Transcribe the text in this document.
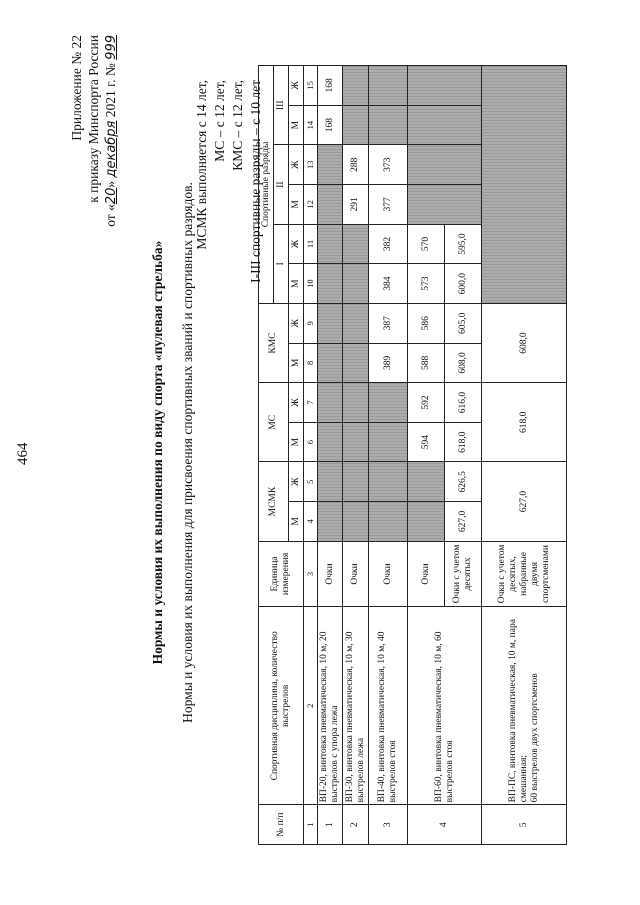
464
Приложение № 22 к приказу Минспорта России
от «20» декабря 2021 г. № 999
Нормы и условия их выполнения по виду спорта «пулевая стрельба» Нормы и условия их выполнения для присвоения спортивных званий и спортивных разрядов.
МСМК выполняется с 14 лет, МС – с 12 лет, КМС – с 12 лет, I-III спортивные разряды – с 10 лет
№ п/п	Спортивная дисциплина, количество выстрелов	Единица измерения	МСМК		МС		КМС		Спортивные разряды					
									I		II		III	
			М	Ж	М	Ж	М	Ж	М	Ж	М	Ж	М	Ж
1	2	3	4	5	6	7	8	9	10	11	12	13	14	15
1	ВП-20, винтовка пневматическая, 10 м, 20 выстрелов с упора лежа	Очки											168	168
2	ВП-30, винтовка пневматическая, 10 м, 30 выстрелов лежа	Очки									291	288		
3	ВП-40, винтовка пневматическая, 10 м, 40 выстрелов стоя	Очки					389	387	384	382	377	373		
4	ВП-60, винтовка пневматическая, 10 м, 60 выстрелов стоя	Очки			594	592	588	586	573	570				
		Очки с учетом десятых	627,0	626,5	618,0	616,0	608,0	605,0	600,0	595,0				
5	ВП-ПС, винтовка пневматическая, 10 м, пара смешанная; 60 выстрелов двух спортсменов	Очки с учетом десятых, набранные двумя спортсменами	627,0		618,0		608,0							
